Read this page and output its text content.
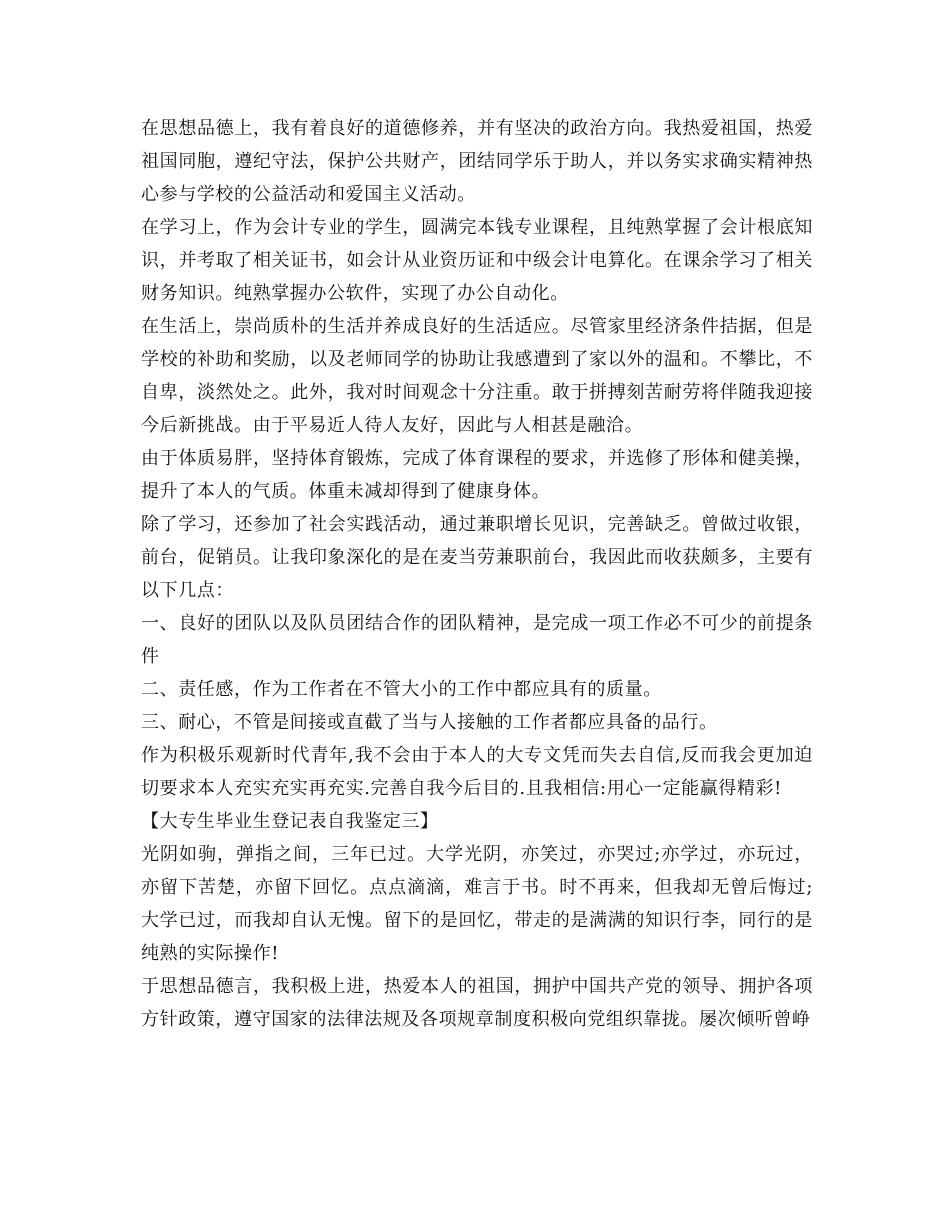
在思想品德上，我有着良好的道德修养，并有坚决的政治方向。我热爱祖国，热爱祖国同胞，遵纪守法，保护公共财产，团结同学乐于助人，并以务实求确实精神热心参与学校的公益活动和爱国主义活动。

在学习上，作为会计专业的学生，圆满完本钱专业课程，且纯熟掌握了会计根底知识，并考取了相关证书，如会计从业资历证和中级会计电算化。在课余学习了相关财务知识。纯熟掌握办公软件，实现了办公自动化。

在生活上，崇尚质朴的生活并养成良好的生活适应。尽管家里经济条件拮据，但是学校的补助和奖励，以及老师同学的协助让我感遭到了家以外的温和。不攀比，不自卑，淡然处之。此外，我对时间观念十分注重。敢于拼搏刻苦耐劳将伴随我迎接今后新挑战。由于平易近人待人友好，因此与人相甚是融洽。

由于体质易胖，坚持体育锻炼，完成了体育课程的要求，并选修了形体和健美操，提升了本人的气质。体重未减却得到了健康身体。

除了学习，还参加了社会实践活动，通过兼职增长见识，完善缺乏。曾做过收银，前台，促销员。让我印象深化的是在麦当劳兼职前台，我因此而收获颇多，主要有以下几点：

一、良好的团队以及队员团结合作的团队精神，是完成一项工作必不可少的前提条件

二、责任感，作为工作者在不管大小的工作中都应具有的质量。

三、耐心，不管是间接或直截了当与人接触的工作者都应具备的品行。

作为积极乐观新时代青年,我不会由于本人的大专文凭而失去自信,反而我会更加迫切要求本人充实充实再充实.完善自我今后目的.且我相信:用心一定能赢得精彩!

【大专生毕业生登记表自我鉴定三】

光阴如驹，弹指之间，三年已过。大学光阴，亦笑过，亦哭过;亦学过，亦玩过，亦留下苦楚，亦留下回忆。点点滴滴，难言于书。时不再来，但我却无曾后悔过;大学已过，而我却自认无愧。留下的是回忆，带走的是满满的知识行李，同行的是纯熟的实际操作!

于思想品德言，我积极上进，热爱本人的祖国，拥护中国共产党的领导、拥护各项方针政策，遵守国家的法律法规及各项规章制度积极向党组织靠拢。屡次倾听曾峥
